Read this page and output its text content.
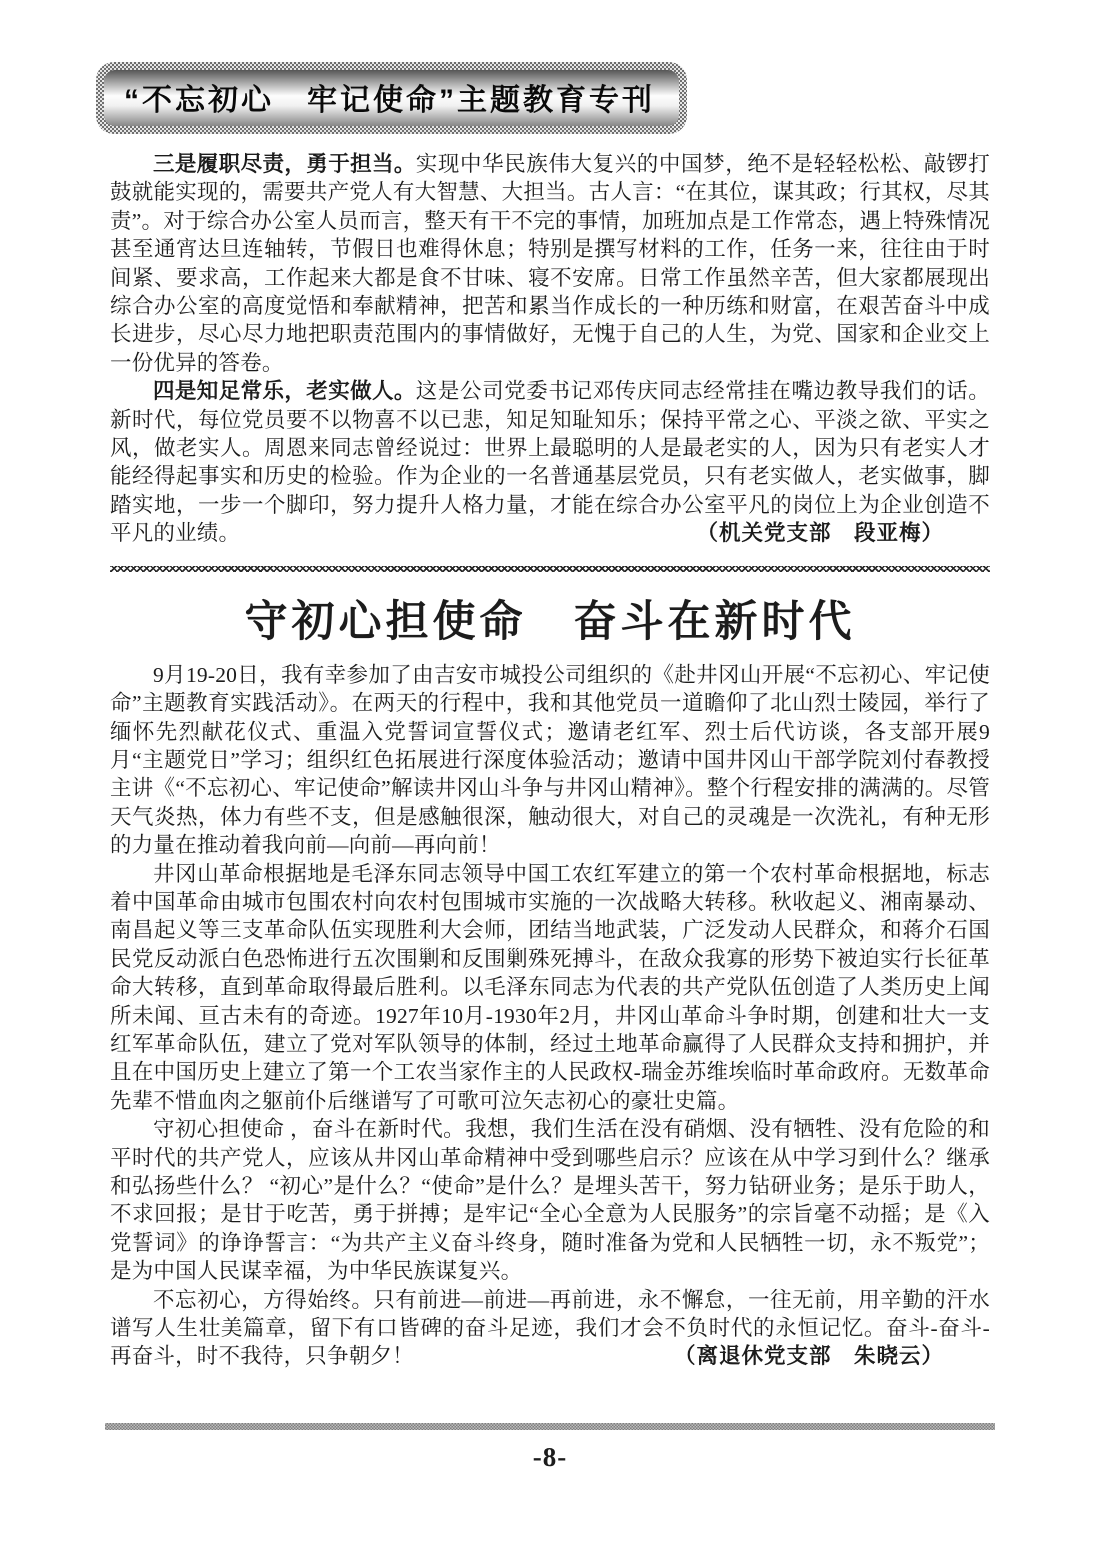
“不忘初心　牢记使命”主题教育专刊

三是履职尽责，勇于担当。实现中华民族伟大复兴的中国梦，绝不是轻轻松松、敲锣打鼓就能实现的，需要共产党人有大智慧、大担当。古人言：“在其位，谋其政；行其权，尽其责”。对于综合办公室人员而言，整天有干不完的事情，加班加点是工作常态，遇上特殊情况甚至通宵达旦连轴转，节假日也难得休息；特别是撰写材料的工作，任务一来，往往由于时间紧、要求高，工作起来大都是食不甘味、寝不安席。日常工作虽然辛苦，但大家都展现出综合办公室的高度觉悟和奉献精神，把苦和累当作成长的一种历练和财富，在艰苦奋斗中成长进步，尽心尽力地把职责范围内的事情做好，无愧于自己的人生，为党、国家和企业交上一份优异的答卷。

四是知足常乐，老实做人。这是公司党委书记邓传庆同志经常挂在嘴边教导我们的话。新时代，每位党员要不以物喜不以已悲，知足知耻知乐；保持平常之心、平淡之欲、平实之风，做老实人。周恩来同志曾经说过：世界上最聪明的人是最老实的人，因为只有老实人才能经得起事实和历史的检验。作为企业的一名普通基层党员，只有老实做人，老实做事，脚踏实地，一步一个脚印，努力提升人格力量，才能在综合办公室平凡的岗位上为企业创造不平凡的业绩。	（机关党支部　段亚梅）

守初心担使命　奋斗在新时代

9月19-20日，我有幸参加了由吉安市城投公司组织的《赴井冈山开展“不忘初心、牢记使命”主题教育实践活动》。在两天的行程中，我和其他党员一道瞻仰了北山烈士陵园，举行了缅怀先烈献花仪式、重温入党誓词宣誓仪式；邀请老红军、烈士后代访谈，各支部开展9月“主题党日”学习；组织红色拓展进行深度体验活动；邀请中国井冈山干部学院刘付春教授主讲《“不忘初心、牢记使命”解读井冈山斗争与井冈山精神》。整个行程安排的满满的。尽管天气炎热，体力有些不支，但是感触很深，触动很大，对自己的灵魂是一次洗礼，有种无形的力量在推动着我向前—向前—再向前！

井冈山革命根据地是毛泽东同志领导中国工农红军建立的第一个农村革命根据地，标志着中国革命由城市包围农村向农村包围城市实施的一次战略大转移。秋收起义、湘南暴动、南昌起义等三支革命队伍实现胜利大会师，团结当地武装，广泛发动人民群众，和蒋介石国民党反动派白色恐怖进行五次围剿和反围剿殊死搏斗，在敌众我寡的形势下被迫实行长征革命大转移，直到革命取得最后胜利。以毛泽东同志为代表的共产党队伍创造了人类历史上闻所未闻、亘古未有的奇迹。1927年10月-1930年2月，井冈山革命斗争时期，创建和壮大一支红军革命队伍，建立了党对军队领导的体制，经过土地革命赢得了人民群众支持和拥护，并且在中国历史上建立了第一个工农当家作主的人民政权-瑞金苏维埃临时革命政府。无数革命先辈不惜血肉之躯前仆后继谱写了可歌可泣矢志初心的豪壮史篇。

守初心担使命 ，奋斗在新时代。我想，我们生活在没有硝烟、没有牺牲、没有危险的和平时代的共产党人，应该从井冈山革命精神中受到哪些启示？应该在从中学习到什么？继承和弘扬些什么？ “初心”是什么？“使命”是什么？是埋头苦干，努力钻研业务；是乐于助人，不求回报；是甘于吃苦，勇于拼搏；是牢记“全心全意为人民服务”的宗旨毫不动摇；是《入党誓词》的诤诤誓言：“为共产主义奋斗终身，随时准备为党和人民牺牲一切，永不叛党”；是为中国人民谋幸福，为中华民族谋复兴。

不忘初心，方得始终。只有前进—前进—再前进，永不懈怠，一往无前，用辛勤的汗水谱写人生壮美篇章，留下有口皆碑的奋斗足迹，我们才会不负时代的永恒记忆。奋斗-奋斗-再奋斗，时不我待，只争朝夕！	（离退休党支部　朱晓云）

-8-
